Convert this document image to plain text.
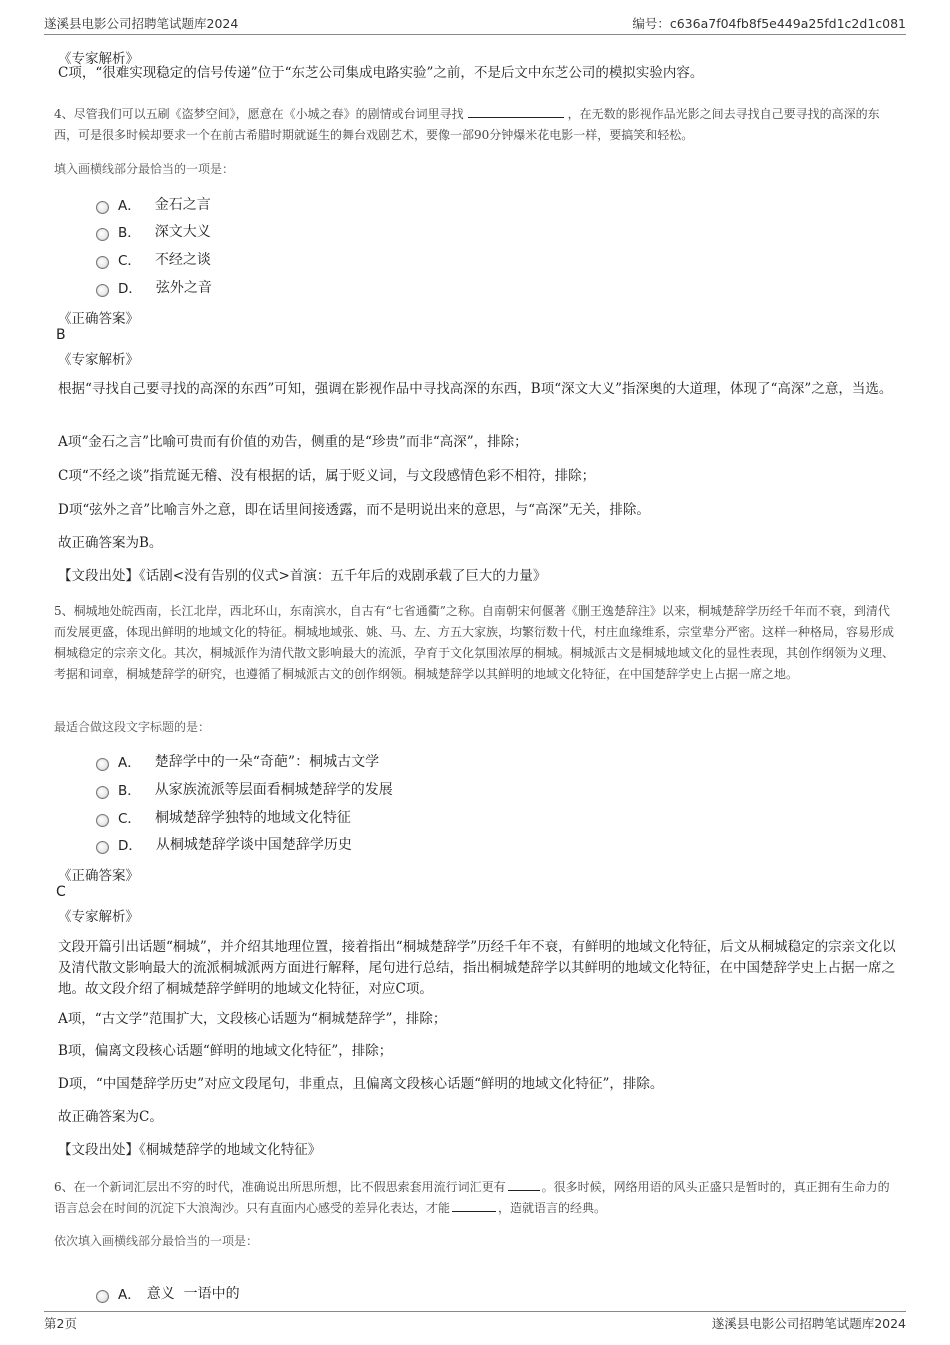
遂溪县电影公司招聘笔试题库2024	编号：c636a7f04fb8f5e449a25fd1c2d1c081
《专家解析》
C项，“很难实现稳定的信号传递”位于“东芝公司集成电路实验”之前，不是后文中东芝公司的模拟实验内容。
4、尽管我们可以五刷《盗梦空间》，愿意在《小城之春》的剧情或台词里寻找	，在无数的影视作品光影之间去寻找自己要寻找的高深的东西，可是很多时候却要求一个在前古希腊时期就诞生的舞台戏剧艺术，要像一部90分钟爆米花电影一样，要搞笑和轻松。
填入画横线部分最恰当的一项是：
A． 金石之言
B． 深文大义
C． 不经之谈
D． 弦外之音
《正确答案》
B
《专家解析》
根据“寻找自己要寻找的高深的东西”可知，强调在影视作品中寻找高深的东西，B项“深文大义”指深奥的大道理，体现了“高深”之意，当选。
A项“金石之言”比喻可贵而有价值的劝告，侧重的是“珍贵”而非“高深”，排除；
C项“不经之谈”指荒诞无稽、没有根据的话，属于贬义词，与文段感情色彩不相符，排除；
D项“弦外之音”比喻言外之意，即在话里间接透露，而不是明说出来的意思，与“高深”无关，排除。
故正确答案为B。
【文段出处】《话剧<没有告别的仪式>首演：五千年后的戏剧承载了巨大的力量》
5、桐城地处皖西南，长江北岸，西北环山，东南滨水，自古有“七省通衢”之称。自南朝宋何偃著《删王逸楚辞注》以来，桐城楚辞学历经千年而不衰，到清代而发展更盛，体现出鲜明的地域文化的特征。桐城地域张、姚、马、左、方五大家族，均繁衍数十代，村庄血缘维系，宗堂辈分严密。这样一种格局，容易形成桐城稳定的宗亲文化。其次，桐城派作为清代散文影响最大的流派，孕育于文化氛围浓厚的桐城。桐城派古文是桐城地域文化的显性表现，其创作纲领为义理、考据和词章，桐城楚辞学的研究，也遵循了桐城派古文的创作纲领。桐城楚辞学以其鲜明的地域文化特征，在中国楚辞学史上占据一席之地。
最适合做这段文字标题的是：
A． 楚辞学中的一朵“奇葩”：桐城古文学
B． 从家族流派等层面看桐城楚辞学的发展
C． 桐城楚辞学独特的地域文化特征
D． 从桐城楚辞学谈中国楚辞学历史
《正确答案》
C
《专家解析》
文段开篇引出话题“桐城”，并介绍其地理位置，接着指出“桐城楚辞学”历经千年不衰，有鲜明的地域文化特征，后文从桐城稳定的宗亲文化以及清代散文影响最大的流派桐城派两方面进行解释，尾句进行总结，指出桐城楚辞学以其鲜明的地域文化特征，在中国楚辞学史上占据一席之地。故文段介绍了桐城楚辞学鲜明的地域文化特征，对应C项。
A项，“古文学”范围扩大，文段核心话题为“桐城楚辞学”，排除；
B项，偏离文段核心话题“鲜明的地域文化特征”，排除；
D项，“中国楚辞学历史”对应文段尾句，非重点，且偏离文段核心话题“鲜明的地域文化特征”，排除。
故正确答案为C。
【文段出处】《桐城楚辞学的地域文化特征》
6、在一个新词汇层出不穷的时代，准确说出所思所想，比不假思索套用流行词汇更有	。很多时候，网络用语的风头正盛只是暂时的，真正拥有生命力的语言总会在时间的沉淀下大浪淘沙。只有直面内心感受的差异化表达，才能	，造就语言的经典。
依次填入画横线部分最恰当的一项是：
A． 意义  一语中的
第2页	遂溪县电影公司招聘笔试题库2024
